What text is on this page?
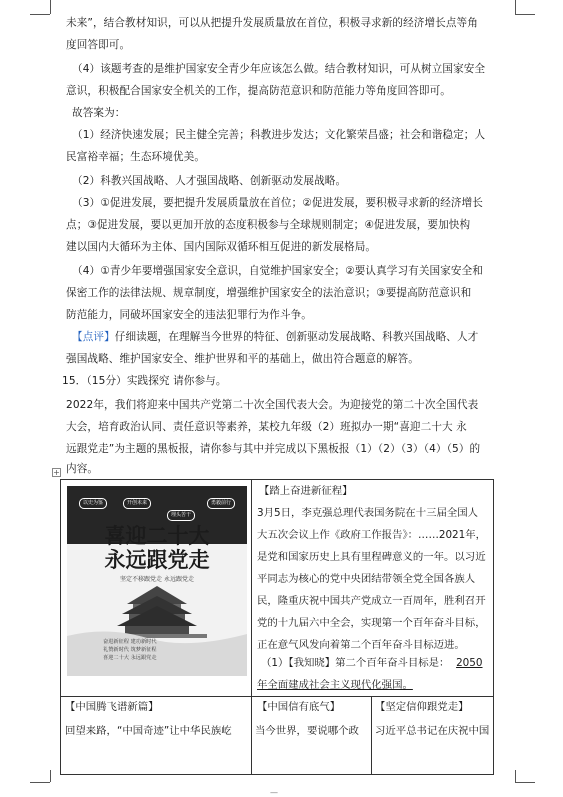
未来”，结合教材知识，可以从把提升发展质量放在首位，积极寻求新的经济增长点等角
度回答即可。
（4）该题考查的是维护国家安全青少年应该怎么做。结合教材知识，可从树立国家安全
意识，积极配合国家安全机关的工作，提高防范意识和防范能力等角度回答即可。
故答案为：
（1）经济快速发展；民主健全完善；科教进步发达；文化繁荣昌盛；社会和谐稳定；人
民富裕幸福；生态环境优美。
（2）科教兴国战略、人才强国战略、创新驱动发展战略。
（3）①促进发展，要把提升发展质量放在首位；②促进发展，要积极寻求新的经济增长
点；③促进发展，要以更加开放的态度积极参与全球规则制定；④促进发展，要加快构
建以国内大循环为主体、国内国际双循环相互促进的新发展格局。
（4）①青少年要增强国家安全意识，自觉维护国家安全；②要认真学习有关国家安全和
保密工作的法律法规、规章制度，增强维护国家安全的法治意识；③要提高防范意识和
防范能力，同破坏国家安全的违法犯罪行为作斗争。
【点评】仔细读题，在理解当今世界的特征、创新驱动发展战略、科教兴国战略、人才
强国战略、维护国家安全、维护世界和平的基础上，做出符合题意的解答。
15．（15分）实践探究 请你参与。
2022年，我们将迎来中国共产党第二十次全国代表大会。为迎接党的第二十次全国代表
大会，培育政治认同、责任意识等素养，某校九年级（2）班拟办一期“喜迎二十大 永
远跟党走”为主题的黑板报，请你参与其中并完成以下黑板报（1）（2）（3）（4）（5）的
内容。
+
以史为鉴	开创未来
埋头苦干
勇毅前行
喜迎二十大
永远跟党走
坚定不移跟党走 永远跟党走
奋进新征程 建功新时代
礼赞新时代 筑梦新征程
喜迎二十大 永远跟党走
【踏上奋进新征程】
3月5日，李克强总理代表国务院在十三届全国人
大五次会议上作《政府工作报告》：……2021年，
是党和国家历史上具有里程碑意义的一年。以习近
平同志为核心的党中央团结带领全党全国各族人
民，隆重庆祝中国共产党成立一百周年，胜利召开
党的十九届六中全会，实现第一个百年奋斗目标，
正在意气风发向着第二个百年奋斗目标迈进。
（1）【我知晓】第二个百年奋斗目标是： 2050
年全面建成社会主义现代化强国。
【中国腾飞谱新篇】
回望来路，“中国奇迹”让中华民族屹
【中国信有底气】
当今世界，要说哪个政
【坚定信仰跟党走】
习近平总书记在庆祝中国
—
